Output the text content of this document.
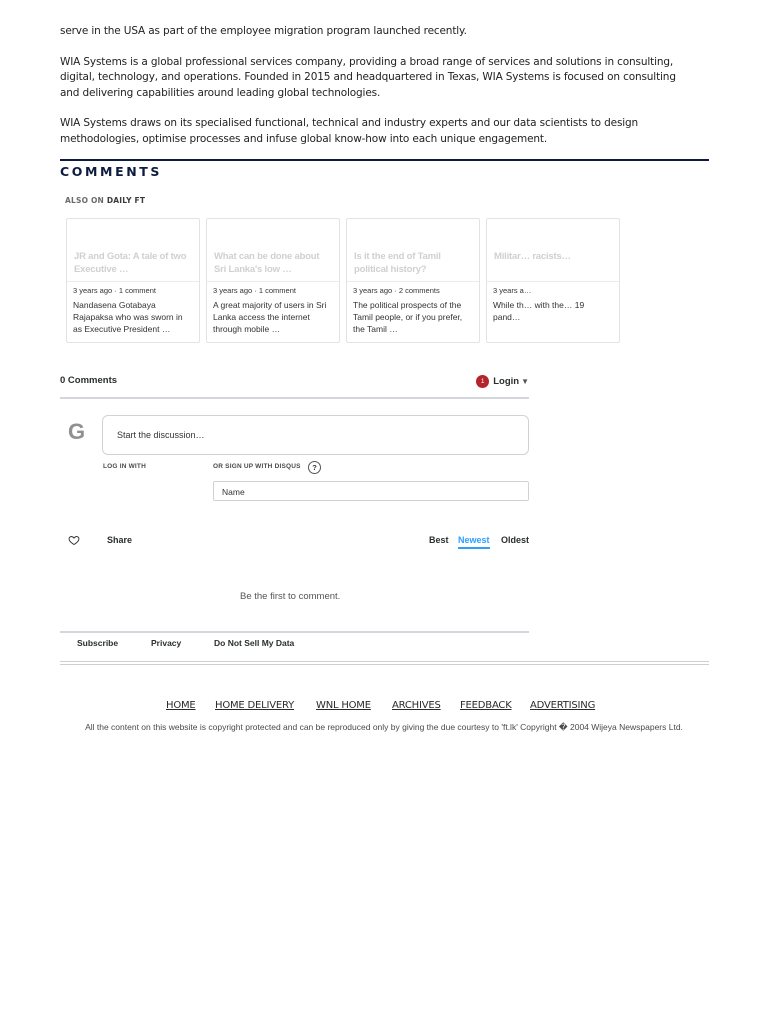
serve in the USA as part of the employee migration program launched recently.

WIA Systems is a global professional services company, providing a broad range of services and solutions in consulting, digital, technology, and operations. Founded in 2015 and headquartered in Texas, WIA Systems is focused on consulting and delivering capabilities around leading global technologies.

WIA Systems draws on its specialised functional, technical and industry experts and our data scientists to design methodologies, optimise processes and infuse global know-how into each unique engagement.

COMMENTS
ALSO ON DAILY FT
JR and Gota: A tale of two Executive …
3 years ago · 1 comment
Nandasena Gotabaya Rajapaksa who was sworn in as Executive President …
What can be done about Sri Lanka's low …
3 years ago · 1 comment
A great majority of users in Sri Lanka access the internet through mobile …
Is it the end of Tamil political history?
3 years ago · 2 comments
The political prospects of the Tamil people, or if you prefer, the Tamil …
Militar… racists…
3 years a…
While th… with the… 19 pand…
0 Comments	1 Login ▼
G	Start the discussion…
LOG IN WITH	OR SIGN UP WITH DISQUS	?
Name
Share	Best Newest Oldest
Be the first to comment.
Subscribe	Privacy	Do Not Sell My Data
HOME HOME DELIVERY WNL HOME ARCHIVES FEEDBACK ADVERTISING
All the content on this website is copyright protected and can be reproduced only by giving the due courtesy to 'ft.lk' Copyright � 2004 Wijeya Newspapers Ltd.
